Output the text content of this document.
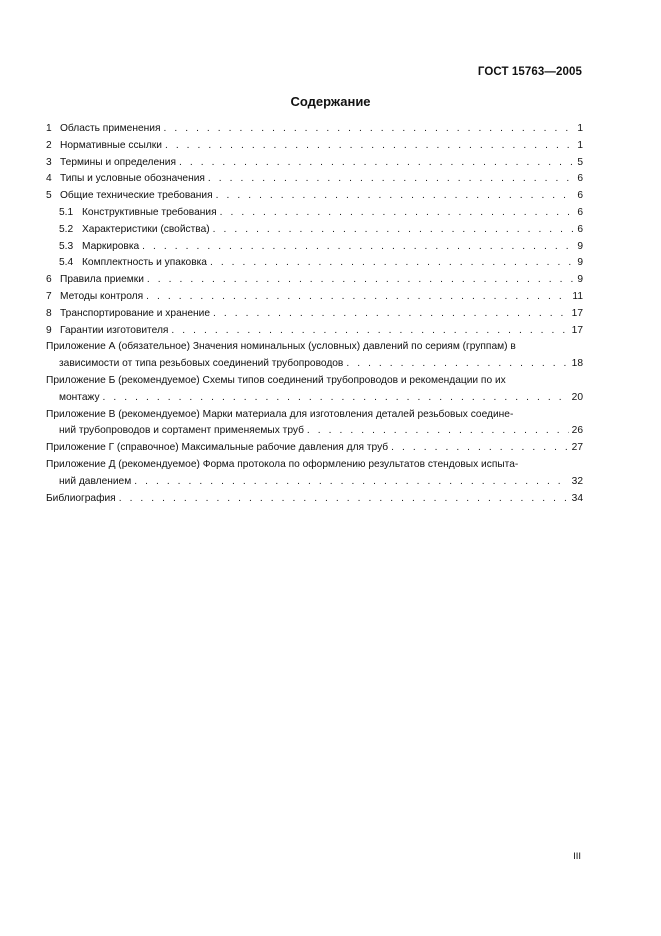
ГОСТ 15763—2005
Содержание
1 Область применения . . .	1
2 Нормативные ссылки . . .	1
3 Термины и определения . . .	5
4 Типы и условные обозначения . . .	6
5 Общие технические требования . . .	6
5.1 Конструктивные требования . . .	6
5.2 Характеристики (свойства) . . .	6
5.3 Маркировка . . .	9
5.4 Комплектность и упаковка . . .	9
6 Правила приемки . . .	9
7 Методы контроля . . .	11
8 Транспортирование и хранение . . .	17
9 Гарантии изготовителя . . .	17
Приложение А (обязательное) Значения номинальных (условных) давлений по сериям (группам) в
зависимости от типа резьбовых соединений трубопроводов . . .	18
Приложение Б (рекомендуемое) Схемы типов соединений трубопроводов и рекомендации по их
монтажу . . .	20
Приложение В (рекомендуемое) Марки материала для изготовления деталей резьбовых соедине-
ний трубопроводов и сортамент применяемых труб . . .	26
Приложение Г (справочное) Максимальные рабочие давления для труб . . .	27
Приложение Д (рекомендуемое) Форма протокола по оформлению результатов стендовых испыта-
ний давлением . . .	32
Библиография . . .	34
III
